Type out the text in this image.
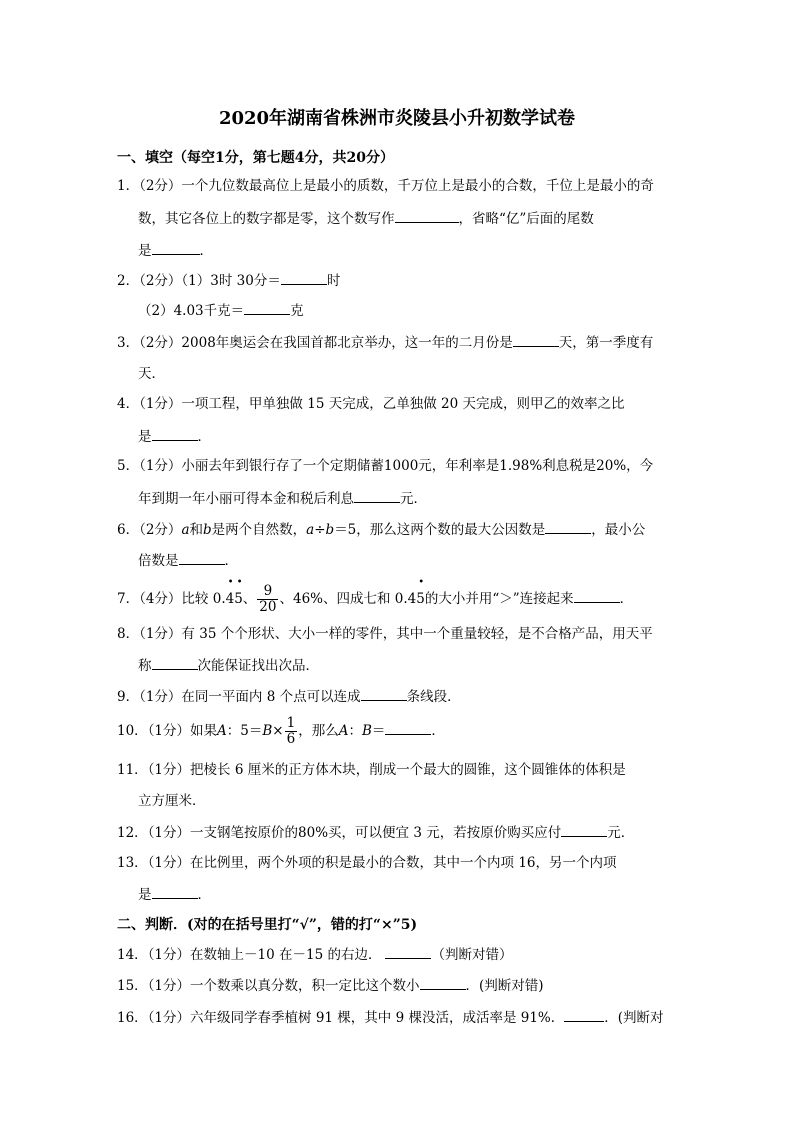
2020年湖南省株洲市炎陵县小升初数学试卷
一、填空（每空1分，第七题4分，共20分）
1．（2分）一个九位数最高位上是最小的质数，千万位上是最小的合数，千位上是最小的奇
数，其它各位上的数字都是零，这个数写作	，省略“亿”后面的尾数
是	．
2．（2分）（1）3时 30分＝	时
（2）4.03千克＝	克
3．（2分）2008年奥运会在我国首都北京举办，这一年的二月份是	天，第一季度有
天．
4．（1分）一项工程，甲单独做 15 天完成，乙单独做 20 天完成，则甲乙的效率之比
是	．
5．（1分）小丽去年到银行存了一个定期储蓄1000元，年利率是1.98%利息税是20%，今
年到期一年小丽可得本金和税后利息	元．
6．（2分）a和b是两个自然数，a÷b＝5，那么这两个数的最大公因数是	，最小公
倍数是	．
7．（4分）比较 0.
• •
45、 $\frac{9}{20}$ 、46%、四成七和 0.4
•
5的大小并用“＞”连接起来	．
8．（1分）有 35 个个形状、大小一样的零件，其中一个重量较轻，是不合格产品，用天平
称	次能保证找出次品．
9．（1分）在同一平面内 8 个点可以连成	条线段．
10．（1分）如果A：$5=B\times \frac{1}{6}$ ，那么A：B＝	．
11．（1分）把棱长 6 厘米的正方体木块，削成一个最大的圆锥，这个圆锥体的体积是
立方厘米．
12．（1分）一支钢笔按原价的80%买，可以便宜 3 元，若按原价购买应付	元．
13．（1分）在比例里，两个外项的积是最小的合数，其中一个内项 16，另一个内项
是	．
二、判断．(对的在括号里打“√”，错的打“×”5)
14．（1分）在数轴上－10 在－15 的右边．	（判断对错）
15．（1分）一个数乘以真分数，积一定比这个数小	．(判断对错)
16．（1分）六年级同学春季植树 91 棵，其中 9 棵没活，成活率是 91%．	．(判断对
